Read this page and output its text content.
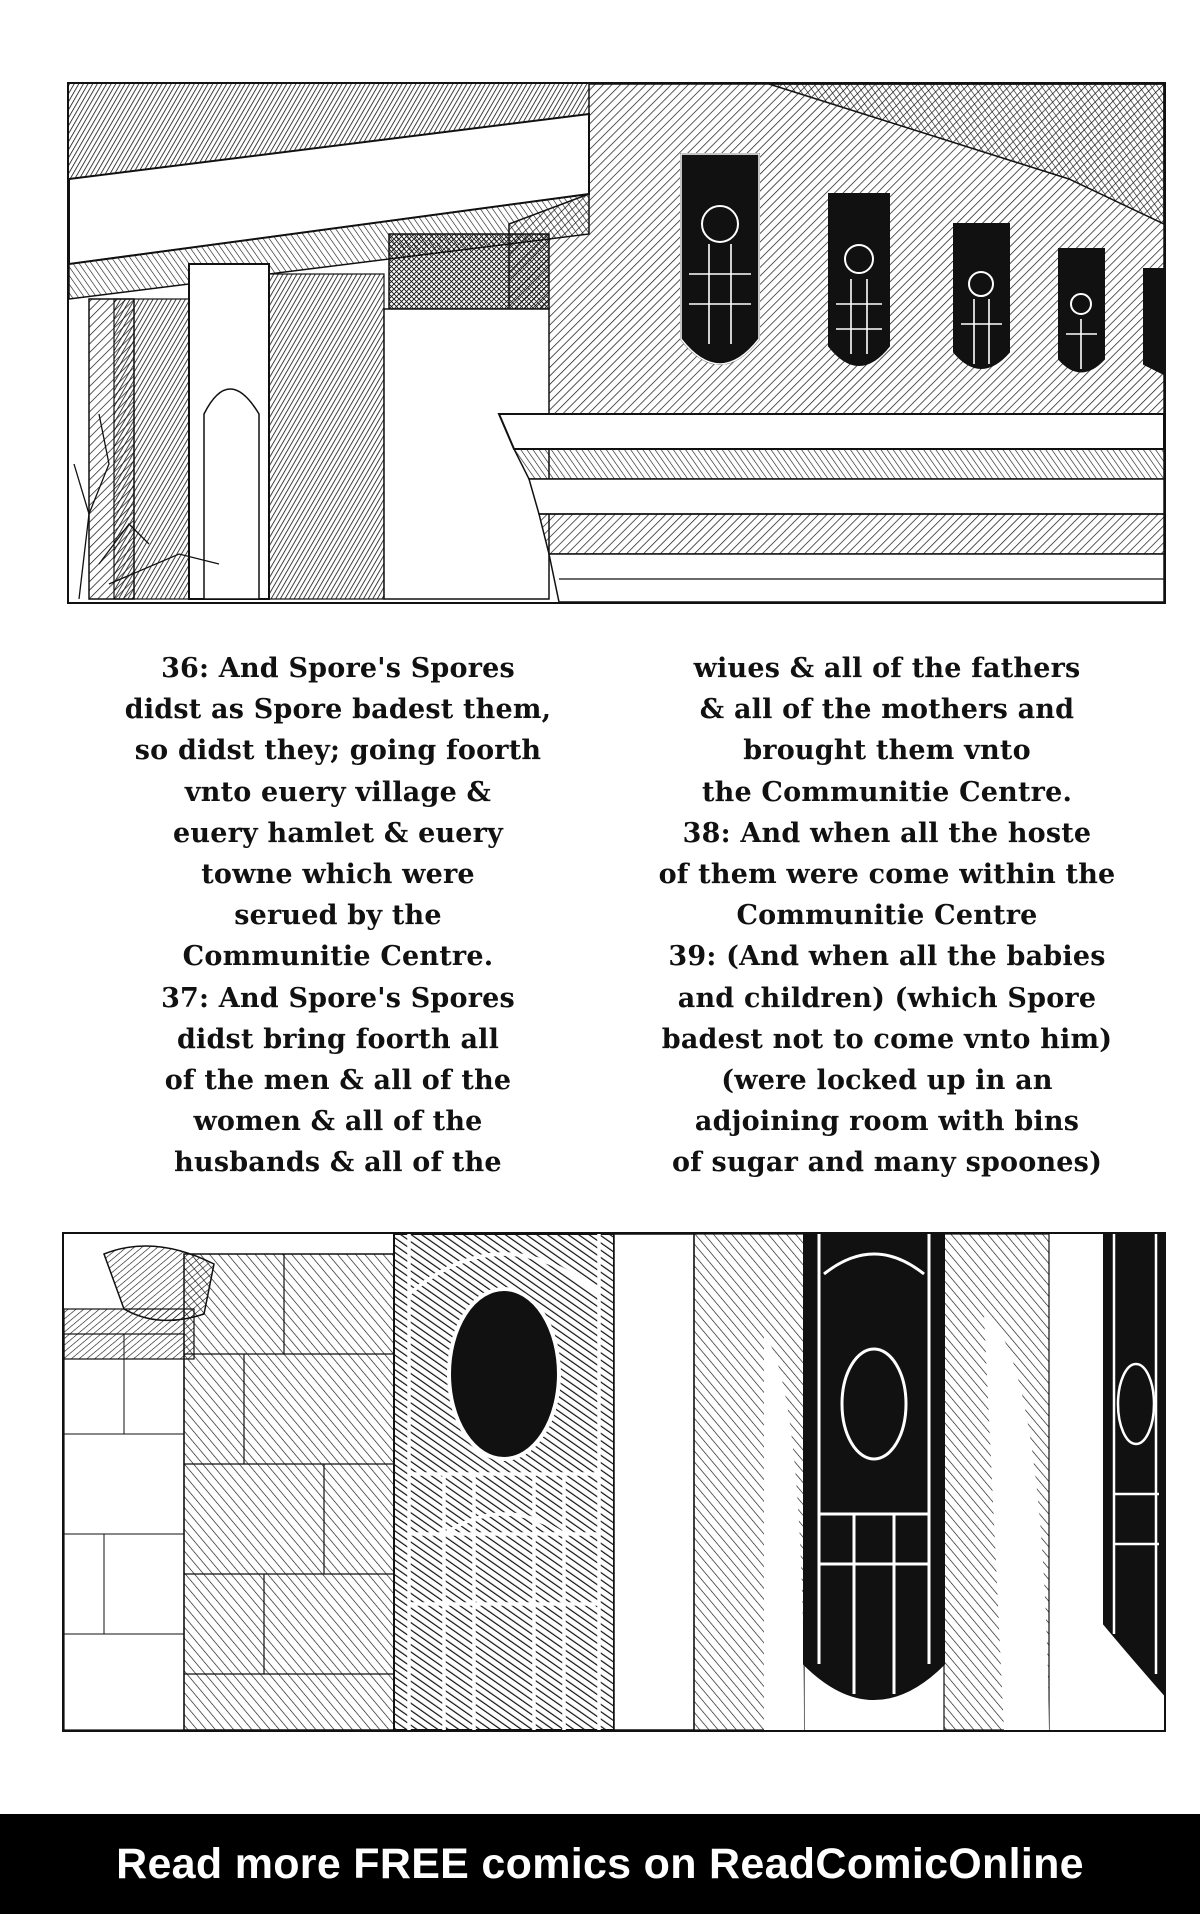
36: And Spore's Spores
didst as Spore badest them,
so didst they; going foorth
vnto euery village &
euery hamlet & euery
towne which were
serued by the
Communitie Centre.
37: And Spore's Spores
didst bring foorth all
of the men & all of the
women & all of the
husbands & all of the
wiues & all of the fathers
& all of the mothers and
brought them vnto
the Communitie Centre.
38: And when all the hoste
of them were come within the
Communitie Centre
39: (And when all the babies
and children) (which Spore
badest not to come vnto him)
(were locked up in an
adjoining room with bins
of sugar and many spoones)
Read more FREE comics on ReadComicOnline
